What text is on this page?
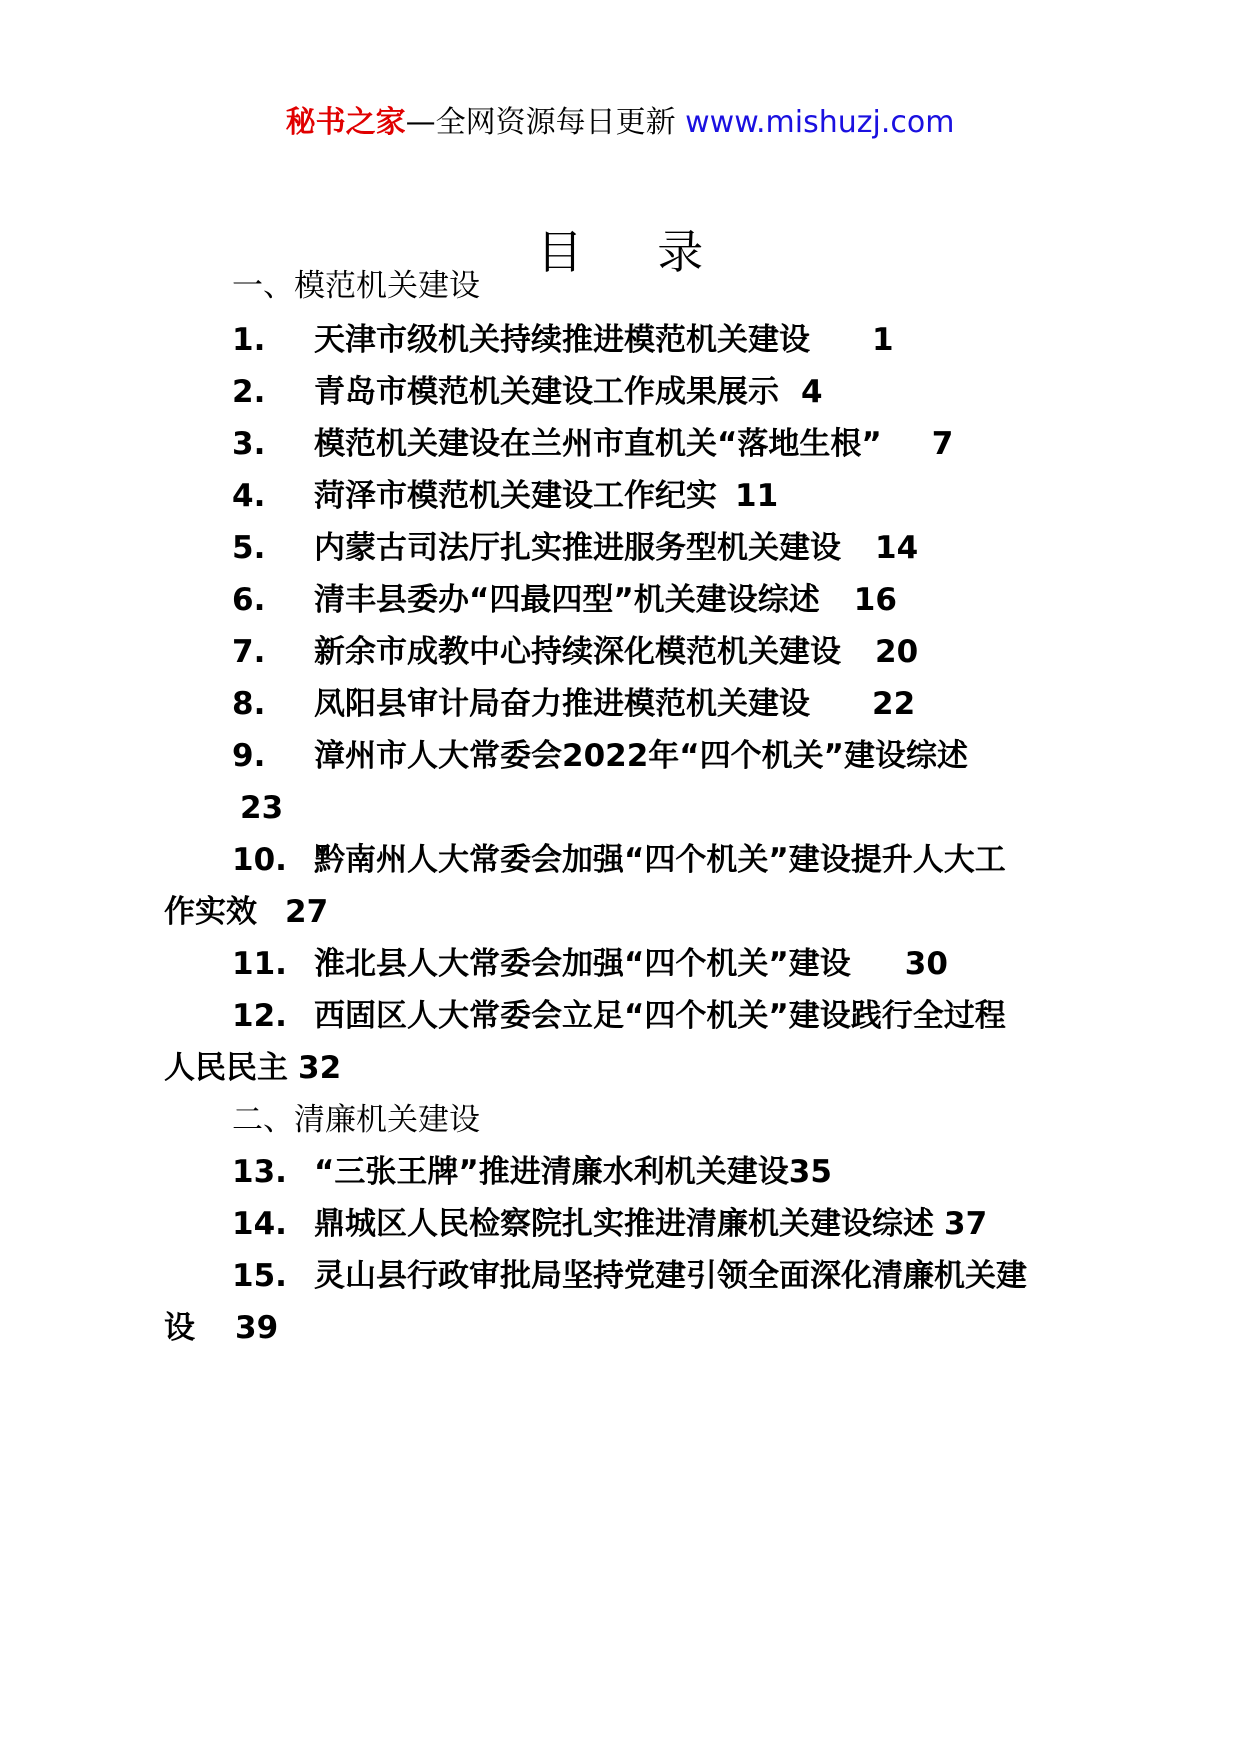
秘书之家—全网资源每日更新 www.mishuzj.com
目 录
一、模范机关建设
1. 天津市级机关持续推进模范机关建设 1
2. 青岛市模范机关建设工作成果展示 4
3. 模范机关建设在兰州市直机关“落地生根” 7
4. 菏泽市模范机关建设工作纪实 11
5. 内蒙古司法厅扎实推进服务型机关建设 14
6. 清丰县委办“四最四型”机关建设综述 16
7. 新余市成教中心持续深化模范机关建设 20
8. 凤阳县审计局奋力推进模范机关建设 22
9. 漳州市人大常委会2022年“四个机关”建设综述
23
10. 黔南州人大常委会加强“四个机关”建设提升人大工
作实效 27
11. 淮北县人大常委会加强“四个机关”建设 30
12. 西固区人大常委会立足“四个机关”建设践行全过程
人民民主 32
二、清廉机关建设
13. “三张王牌”推进清廉水利机关建设35
14. 鼎城区人民检察院扎实推进清廉机关建设综述 37
15. 灵山县行政审批局坚持党建引领全面深化清廉机关建
设 39
